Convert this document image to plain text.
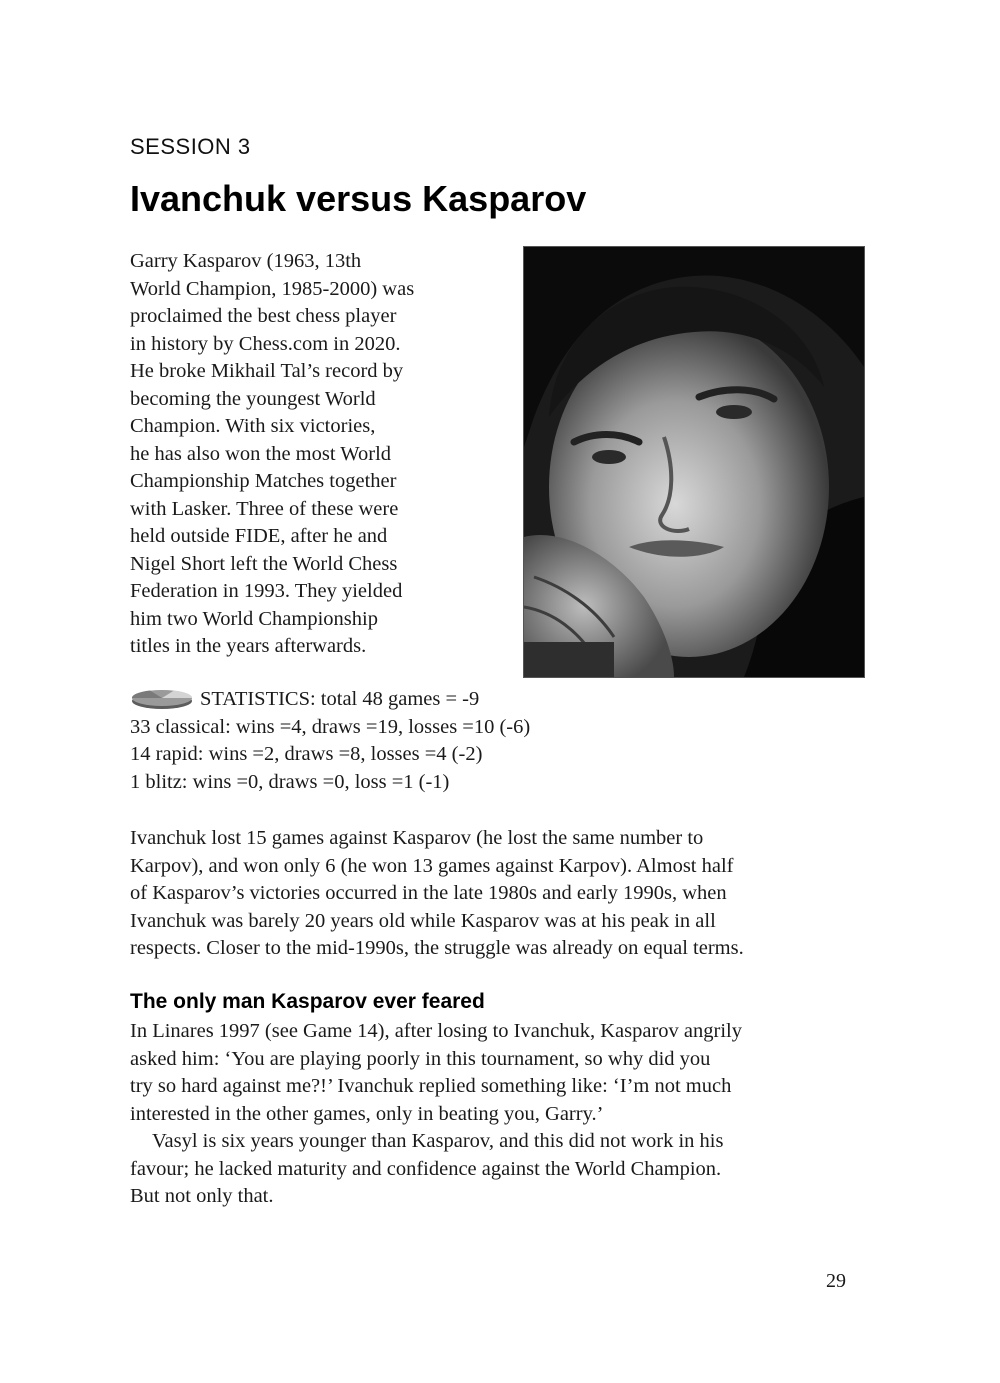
SESSION 3
Ivanchuk versus Kasparov
Garry Kasparov (1963, 13th
World Champion, 1985-2000) was
proclaimed the best chess player
in history by Chess.com in 2020.
He broke Mikhail Tal’s record by
becoming the youngest World
Champion. With six victories,
he has also won the most World
Championship Matches together
with Lasker. Three of these were
held outside FIDE, after he and
Nigel Short left the World Chess
Federation in 1993. They yielded
him two World Championship
titles in the years afterwards.
STATISTICS: total 48 games = -9
33 classical: wins =4, draws =19, losses =10 (-6)
14 rapid: wins =2, draws =8, losses =4 (-2)
1 blitz: wins =0, draws =0, loss =1 (-1)
Ivanchuk lost 15 games against Kasparov (he lost the same number to
Karpov), and won only 6 (he won 13 games against Karpov). Almost half
of Kasparov’s victories occurred in the late 1980s and early 1990s, when
Ivanchuk was barely 20 years old while Kasparov was at his peak in all
respects. Closer to the mid-1990s, the struggle was already on equal terms.
The only man Kasparov ever feared
In Linares 1997 (see Game 14), after losing to Ivanchuk, Kasparov angrily
asked him: ‘You are playing poorly in this tournament, so why did you
try so hard against me?!’ Ivanchuk replied something like: ‘I’m not much
interested in the other games, only in beating you, Garry.’
Vasyl is six years younger than Kasparov, and this did not work in his
favour; he lacked maturity and confidence against the World Champion.
But not only that.
29
